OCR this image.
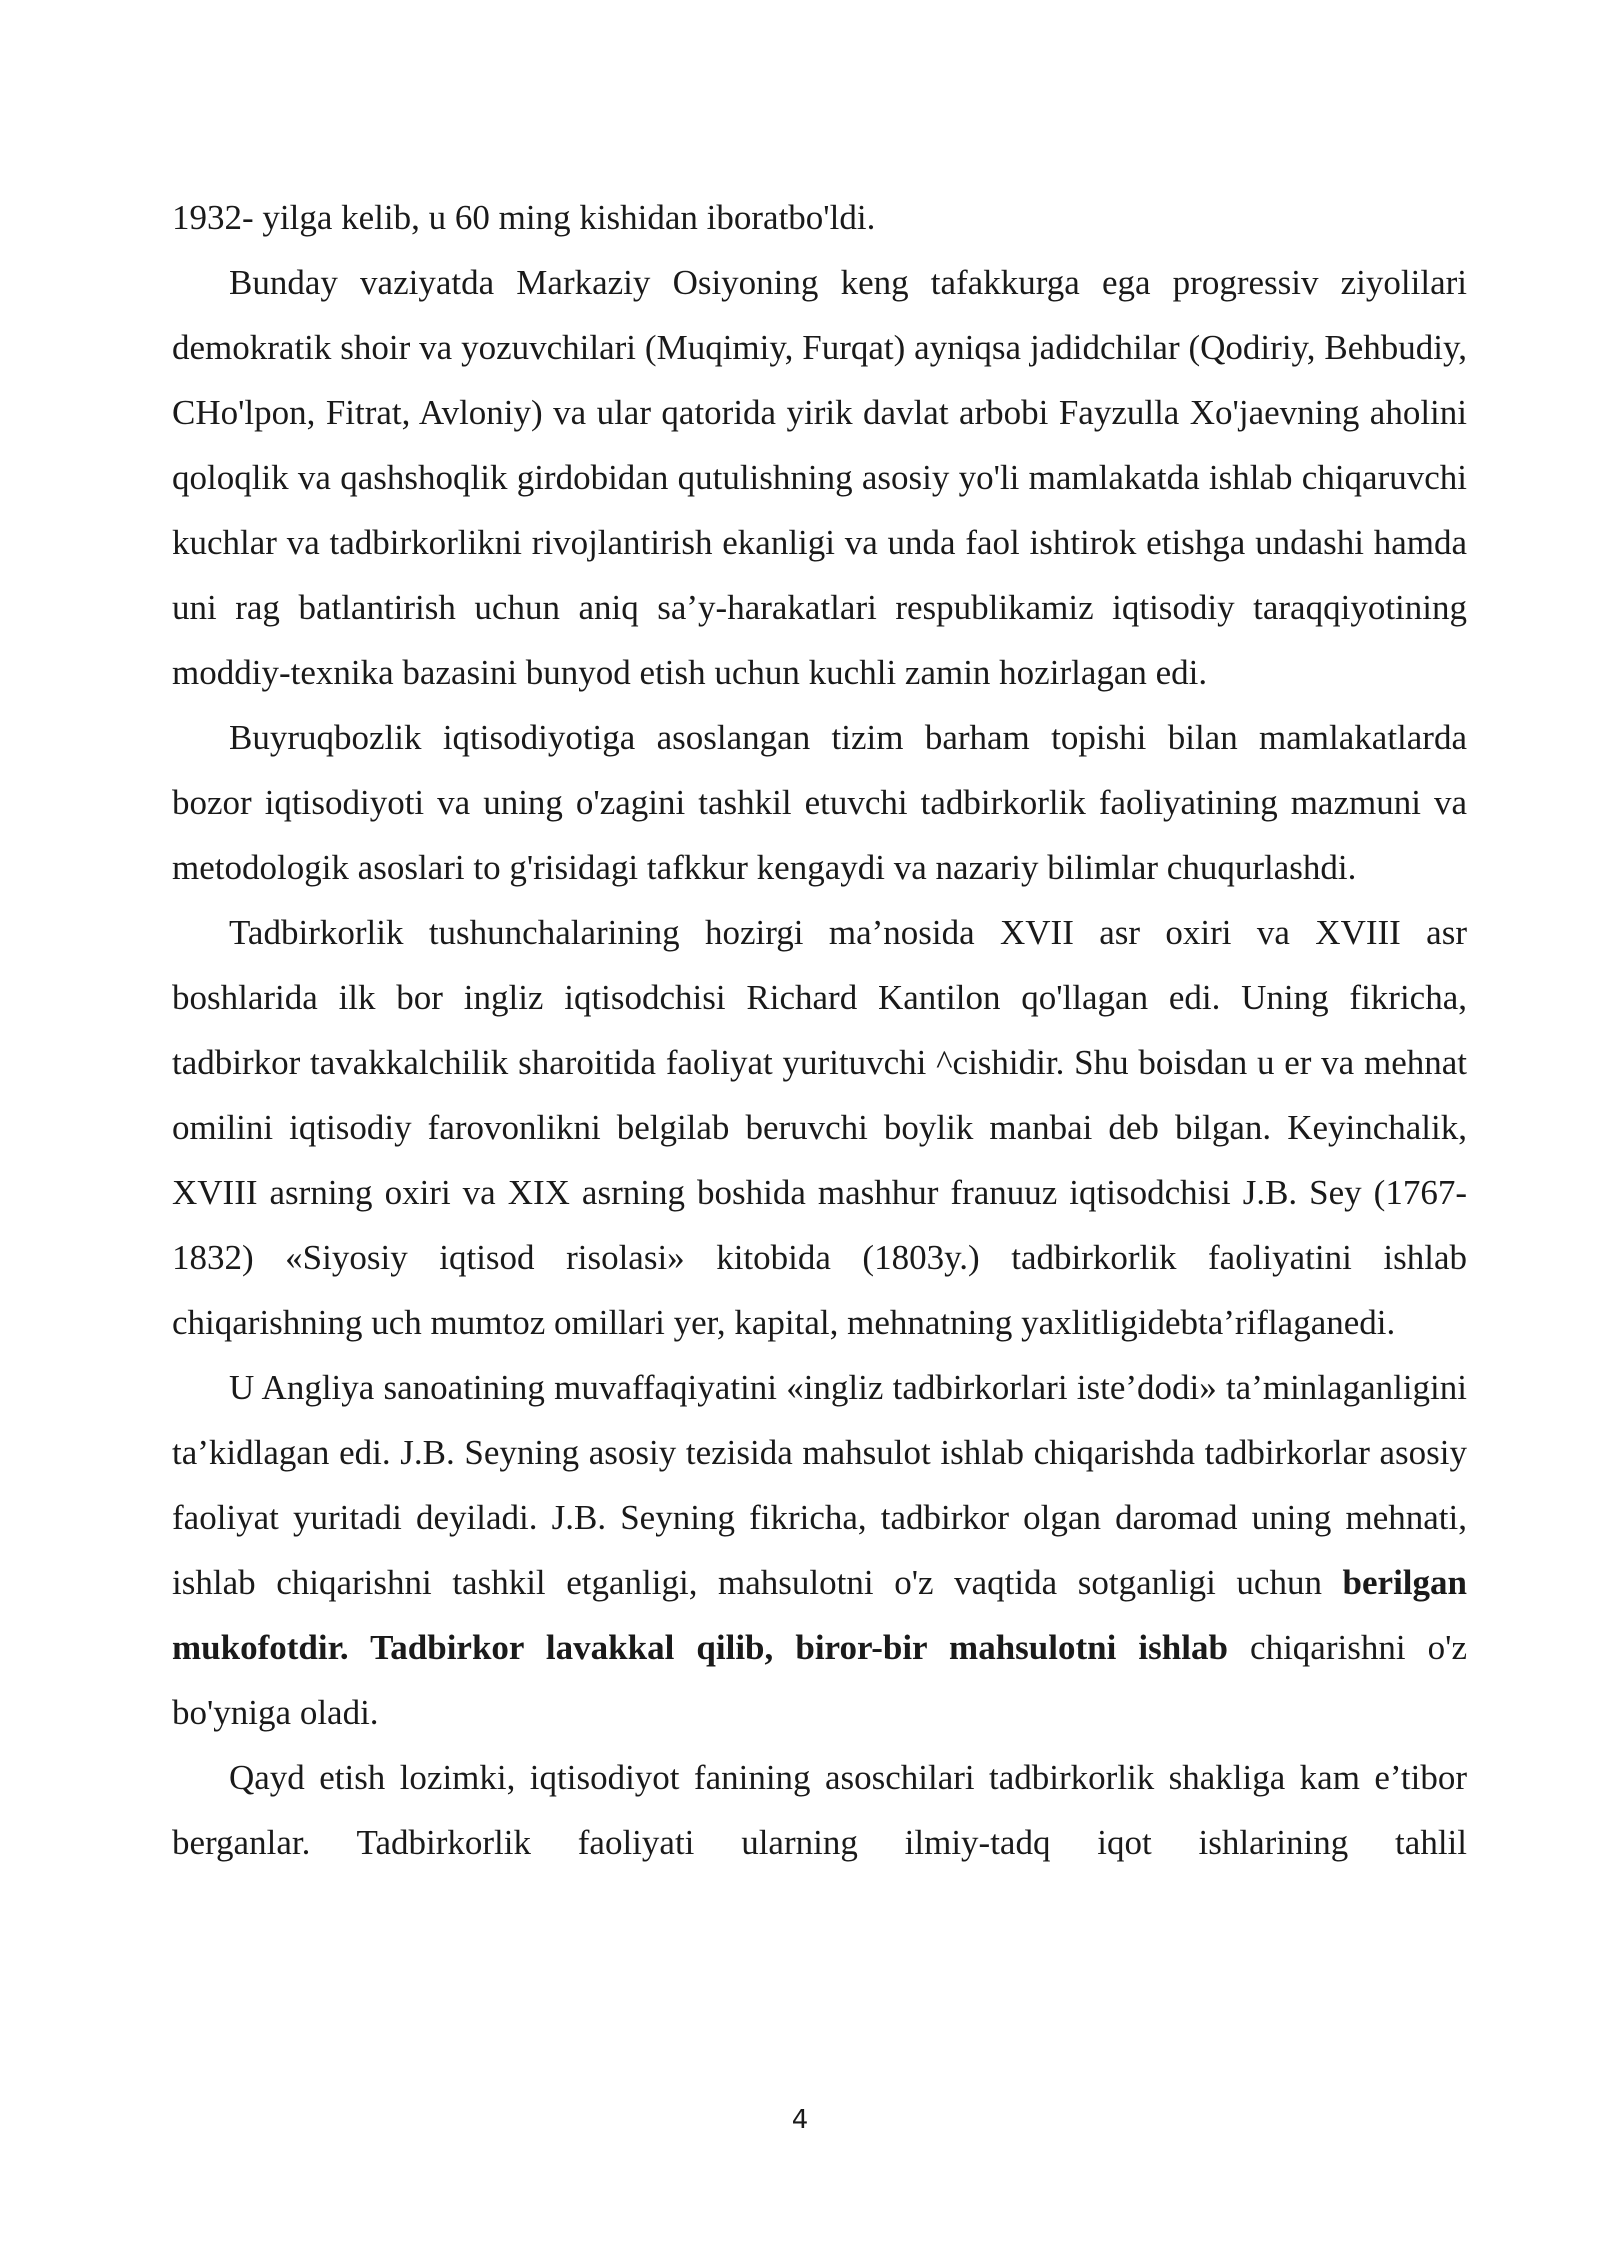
1932- yilga kelib, u 60 ming kishidan iboratbo'ldi.

Bunday vaziyatda Markaziy Osiyoning keng tafakkurga ega progressiv ziyolilari demokratik shoir va yozuvchilari (Muqimiy, Furqat) ayniqsa jadidchilar (Qodiriy, Behbudiy, CHo'lpon, Fitrat, Avloniy) va ular qatorida yirik davlat arbobi Fayzulla Xo'jaevning aholini qoloqlik va qashshoqlik girdobidan qutulishning asosiy yo'li mamlakatda ishlab chiqaruvchi kuchlar va tadbirkorlikni rivojlantirish ekanligi va unda faol ishtirok etishga undashi hamda uni rag batlantirish uchun aniq sa’y-harakatlari respublikamiz iqtisodiy taraqqiyotining moddiy-texnika bazasini bunyod etish uchun kuchli zamin hozirlagan edi.

Buyruqbozlik iqtisodiyotiga asoslangan tizim barham topishi bilan mamlakatlarda bozor iqtisodiyoti va uning o'zagini tashkil etuvchi tadbirkorlik faoliyatining mazmuni va metodologik asoslari to g'risidagi tafkkur kengaydi va nazariy bilimlar chuqurlashdi.

Tadbirkorlik tushunchalarining hozirgi ma’nosida XVII asr oxiri va XVIII asr boshlarida ilk bor ingliz iqtisodchisi Richard Kantilon qo'llagan edi. Uning fikricha, tadbirkor tavakkalchilik sharoitida faoliyat yurituvchi ^cishidir. Shu boisdan u er va mehnat omilini iqtisodiy farovonlikni belgilab beruvchi boylik manbai deb bilgan. Keyinchalik, XVIII asrning oxiri va XIX asrning boshida mashhur franuuz iqtisodchisi J.B. Sey (1767-1832) «Siyosiy iqtisod risolasi» kitobida (1803y.) tadbirkorlik faoliyatini ishlab chiqarishning uch mumtoz omillari yer, kapital, mehnatning yaxlitligidebta’riflaganedi.

U Angliya sanoatining muvaffaqiyatini «ingliz tadbirkorlari iste’dodi» ta’minlaganligini ta’kidlagan edi. J.B. Seyning asosiy tezisida mahsulot ishlab chiqarishda tadbirkorlar asosiy faoliyat yuritadi deyiladi. J.B. Seyning fikricha, tadbirkor olgan daromad uning mehnati, ishlab chiqarishni tashkil etganligi, mahsulotni o'z vaqtida sotganligi uchun berilgan mukofotdir. Tadbirkor lavakkal qilib, biror-bir mahsulotni ishlab chiqarishni o'z bo'yniga oladi.

Qayd etish lozimki, iqtisodiyot fanining asoschilari tadbirkorlik shakliga kam e’tibor berganlar. Tadbirkorlik faoliyati ularning ilmiy-tadq iqot ishlarining tahlil

4
